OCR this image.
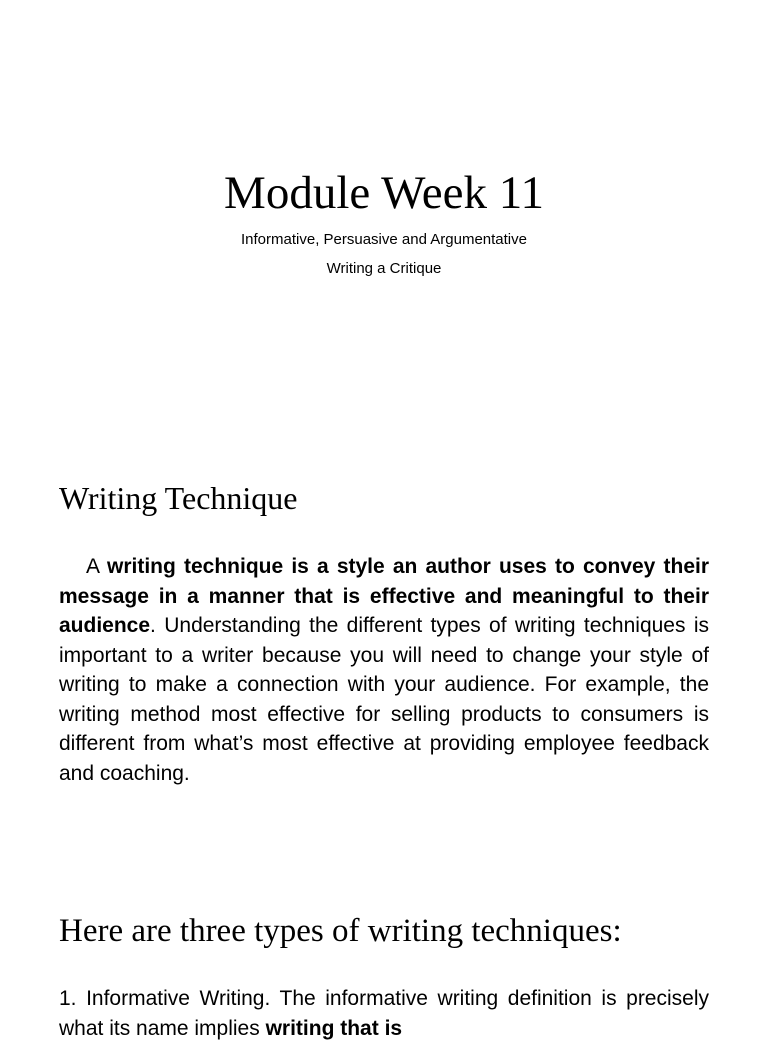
Module Week 11

Informative, Persuasive and Argumentative

Writing a Critique

Writing Technique

A writing technique is a style an author uses to convey their message in a manner that is effective and meaningful to their audience. Understanding the different types of writing techniques is important to a writer because you will need to change your style of writing to make a connection with your audience. For example, the writing method most effective for selling products to consumers is different from what’s most effective at providing employee feedback and coaching.

Here are three types of writing techniques:

1. Informative Writing. The informative writing definition is precisely what its name implies writing that is
